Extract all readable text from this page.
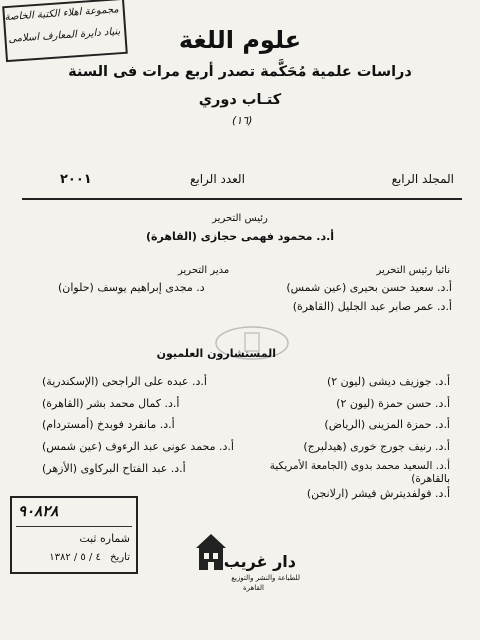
مجموعة اهلاء الكتبة الخاصة
بنياد دايرة المعارف اسلامى	علوم اللغة
دراسات علمية مُحَكَّمة تصدر أربع مرات فى السنة
كتـاب دوري
(١٦)
المجلد الرابع
العدد الرابع
٢٠٠١
رئيس التحرير
أ.د. محمود فهمى حجازى (القاهرة)
نائبا رئيس التحرير
أ.د. سعيد حسن بحيرى (عين شمس)
أ.د. عمر صابر عبد الجليل (القاهرة)
مدير التحرير
د. مجدى إبراهيم يوسف (حلوان)
المستشارون العلميون
أ.د. جوزيف ديشى (ليون ٢)
أ.د. حسن حمزة (ليون ٢)
أ.د. حمزة المزينى (الرياض)
أ.د. رنيف جورج خورى (هيدلبرج)
أ.د. السعيد محمد بدوى (الجامعة الأمريكية بالقاهرة)
أ.د. فولفديترش فيشر (ارلانجن)
أ.د. عبده على الراجحى (الإسكندرية)
أ.د. كمال محمد بشر (القاهرة)
أ.د. مانفرد فوبدخ (أمستردام)
أ.د. محمد عونى عبد الرءوف (عين شمس)
أ.د. عبد الفتاح البركاوى (الأزهر)
٩٠٨٢٨
شماره ثبت
تاريخ ٤ / ٥ / ١٣٨٢	دار غريب
للطباعة والنشر والتوزيع
القاهرة
